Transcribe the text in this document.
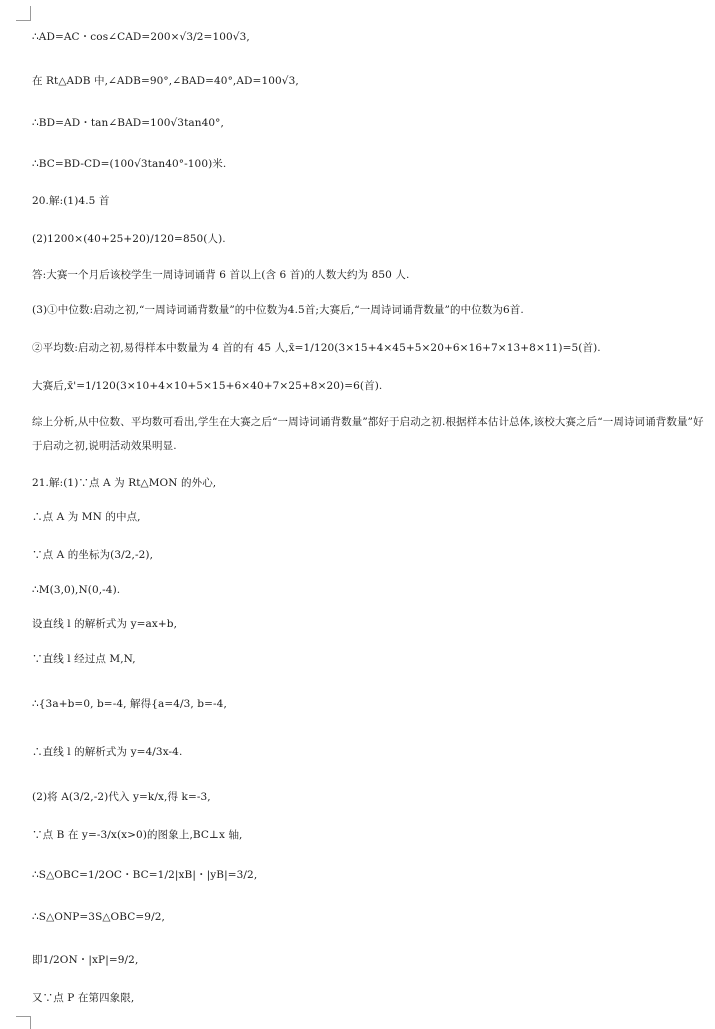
∴AD=AC・cos∠CAD=200×√3/2=100√3,
在 Rt△ADB 中,∠ADB=90°,∠BAD=40°,AD=100√3,
∴BD=AD・tan∠BAD=100√3tan40°,
∴BC=BD-CD=(100√3tan40°-100)米.
20.解:(1)4.5 首
(2)1200×(40+25+20)/120=850(人).
答:大赛一个月后该校学生一周诗词诵背 6 首以上(含 6 首)的人数大约为 850 人.
(3)①中位数:启动之初,“一周诗词诵背数量”的中位数为4.5首;大赛后,“一周诗词诵背数量”的中位数为6首.
②平均数:启动之初,易得样本中数量为 4 首的有 45 人,x̄=1/120(3×15+4×45+5×20+6×16+7×13+8×11)=5(首).
大赛后,x̄'=1/120(3×10+4×10+5×15+6×40+7×25+8×20)=6(首).
综上分析,从中位数、平均数可看出,学生在大赛之后“一周诗词诵背数量”都好于启动之初.根据样本估计总体,该校大赛之后“一周诗词诵背数量”好于启动之初,说明活动效果明显.
21.解:(1)∵点 A 为 Rt△MON 的外心,
∴点 A 为 MN 的中点,
∵点 A 的坐标为(3/2,-2),
∴M(3,0),N(0,-4).
设直线 l 的解析式为 y=ax+b,
∵直线 l 经过点 M,N,
∴{3a+b=0, b=-4, 解得{a=4/3, b=-4,
∴直线 l 的解析式为 y=4/3x-4.
(2)将 A(3/2,-2)代入 y=k/x,得 k=-3,
∵点 B 在 y=-3/x(x>0)的图象上,BC⊥x 轴,
∴S△OBC=1/2OC・BC=1/2|xB|・|yB|=3/2,
∴S△ONP=3S△OBC=9/2,
即1/2ON・|xP|=9/2,
又∵点 P 在第四象限,
